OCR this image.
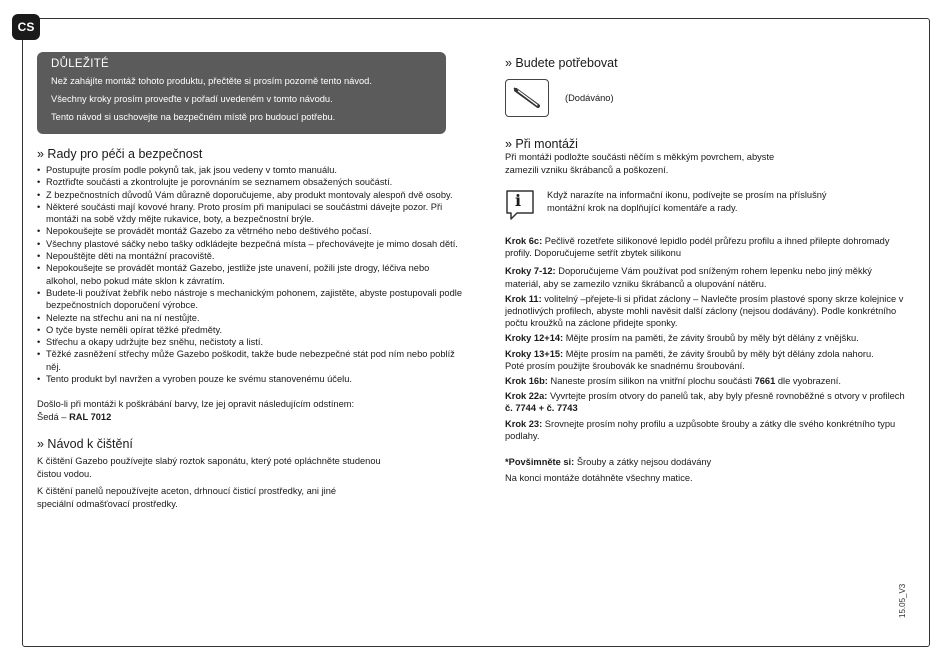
CS
DŮLEŽITÉ

Než zahájíte montáž tohoto produktu, přečtěte si prosím pozorně tento návod.

Všechny kroky prosím proveďte v pořadí uvedeném v tomto návodu.

Tento návod si uschovejte na bezpečném místě pro budoucí potřebu.

» Rady pro péči a bezpečnost
• Postupujte prosím podle pokynů tak, jak jsou vedeny v tomto manuálu.
• Roztřiďte součásti a zkontrolujte je porovnáním se seznamem obsažených součástí.
• Z bezpečnostních důvodů Vám důrazně doporučujeme, aby produkt montovaly alespoň dvě osoby.
• Některé součásti mají kovové hrany. Proto prosím při manipulaci se součástmi dávejte pozor. Při montáži na sobě vždy mějte rukavice, boty, a bezpečnostní brýle.
• Nepokoušejte se provádět montáž Gazebo za větrného nebo deštivého počasí.
• Všechny plastové sáčky nebo tašky odkládejte bezpečná místa – přechovávejte je mimo dosah dětí.
• Nepouštějte děti na montážní pracoviště.
• Nepokoušejte se provádět montáž Gazebo, jestliže jste unavení, požili jste drogy, léčiva nebo alkohol, nebo pokud máte sklon k závratím.
• Budete-li používat žebřík nebo nástroje s mechanickým pohonem, zajistěte, abyste postupovali podle bezpečnostních doporučení výrobce.
• Nelezte na střechu ani na ní nestůjte.
• O tyče byste neměli opírat těžké předměty.
• Střechu a okapy udržujte bez sněhu, nečistoty a listí.
• Těžké zasněžení střechy může Gazebo poškodit, takže bude nebezpečné stát pod ním nebo poblíž něj.
• Tento produkt byl navržen a vyroben pouze ke svému stanovenému účelu.
Došlo-li při montáži k poškrábání barvy, lze jej opravit následujícím odstínem:
Šedá – RAL 7012
» Návod k čištění
K čištění Gazebo používejte slabý roztok saponátu, který poté opláchněte studenou čistou vodou.
K čištění panelů nepoužívejte aceton, drhnoucí čisticí prostředky, ani jiné speciální odmašťovací prostředky.
» Budete potřebovat
(Dodáváno)
» Při montáži
Při montáži podložte součásti něčím s měkkým povrchem, abyste zamezili vzniku škrábanců a poškození.
i	Když narazíte na informační ikonu, podívejte se prosím na příslušný montážní krok na doplňující komentáře a rady.

Krok 6c: Pečlivě rozetřete silikonové lepidlo podél průřezu profilu a ihned přilepte dohromady profily. Doporučujeme setřít zbytek silikonu

Kroky 7-12: Doporučujeme Vám používat pod sníženým rohem lepenku nebo jiný měkký materiál, aby se zamezilo vzniku škrábanců a olupování nátěru.

Krok 11: volitelný –přejete-li si přidat záclony – Navlečte prosím plastové spony skrze kolejnice v jednotlivých profilech, abyste mohli navěsit další záclony (nejsou dodávány). Podle konkrétního počtu kroužků na záclone přidejte sponky.

Kroky 12+14: Mějte prosím na paměti, že závity šroubů by měly být dělány z vnějšku.

Kroky 13+15: Mějte prosím na paměti, že závity šroubů by měly být dělány zdola nahoru.
Poté prosím použijte šroubovák ke snadnému šroubování.

Krok 16b: Naneste prosím silikon na vnitřní plochu součásti 7661 dle vyobrazení.

Krok 22a: Vyvrtejte prosím otvory do panelů tak, aby byly přesně rovnoběžné s otvory v profilech č. 7744 + č. 7743

Krok 23: Srovnejte prosím nohy profilu a uzpůsobte šrouby a zátky dle svého konkrétního typu podlahy.

*Povšimněte si: Šrouby a zátky nejsou dodávány
Na konci montáže dotáhněte všechny matice.
15.05_V3
